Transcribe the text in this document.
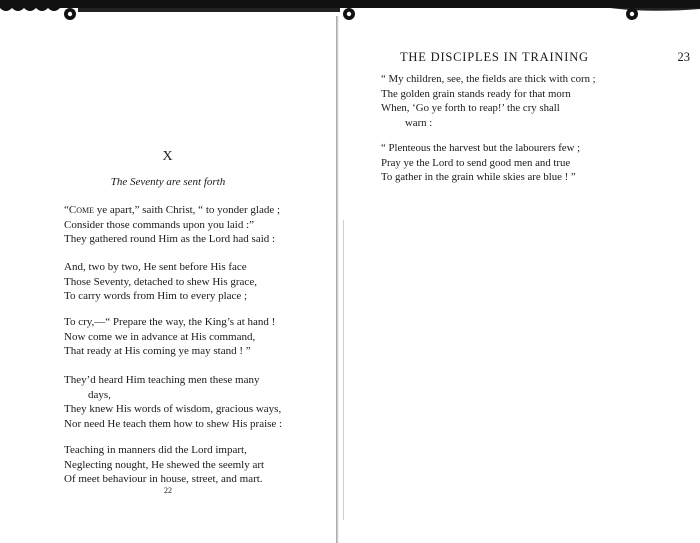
X
The Seventy are sent forth
“Come ye apart,” saith Christ, “ to yonder glade ;
Consider those commands upon you laid :”
They gathered round Him as the Lord had said :
And, two by two, He sent before His face
Those Seventy, detached to shew His grace,
To carry words from Him to every place ;
To cry,—“ Prepare the way, the King’s at hand !
Now come we in advance at His command,
That ready at His coming ye may stand ! ”
They’d heard Him teaching men these many
days,
They knew His words of wisdom, gracious ways,
Nor need He teach them how to shew His praise :
Teaching in manners did the Lord impart,
Neglecting nought, He shewed the seemly art
Of meet behaviour in house, street, and mart.
22
THE DISCIPLES IN TRAINING	23
“ My children, see, the fields are thick with corn ;
The golden grain stands ready for that morn
When, ‘Go ye forth to reap!’ the cry shall
warn :
“ Plenteous the harvest but the labourers few ;
Pray ye the Lord to send good men and true
To gather in the grain while skies are blue ! ”
